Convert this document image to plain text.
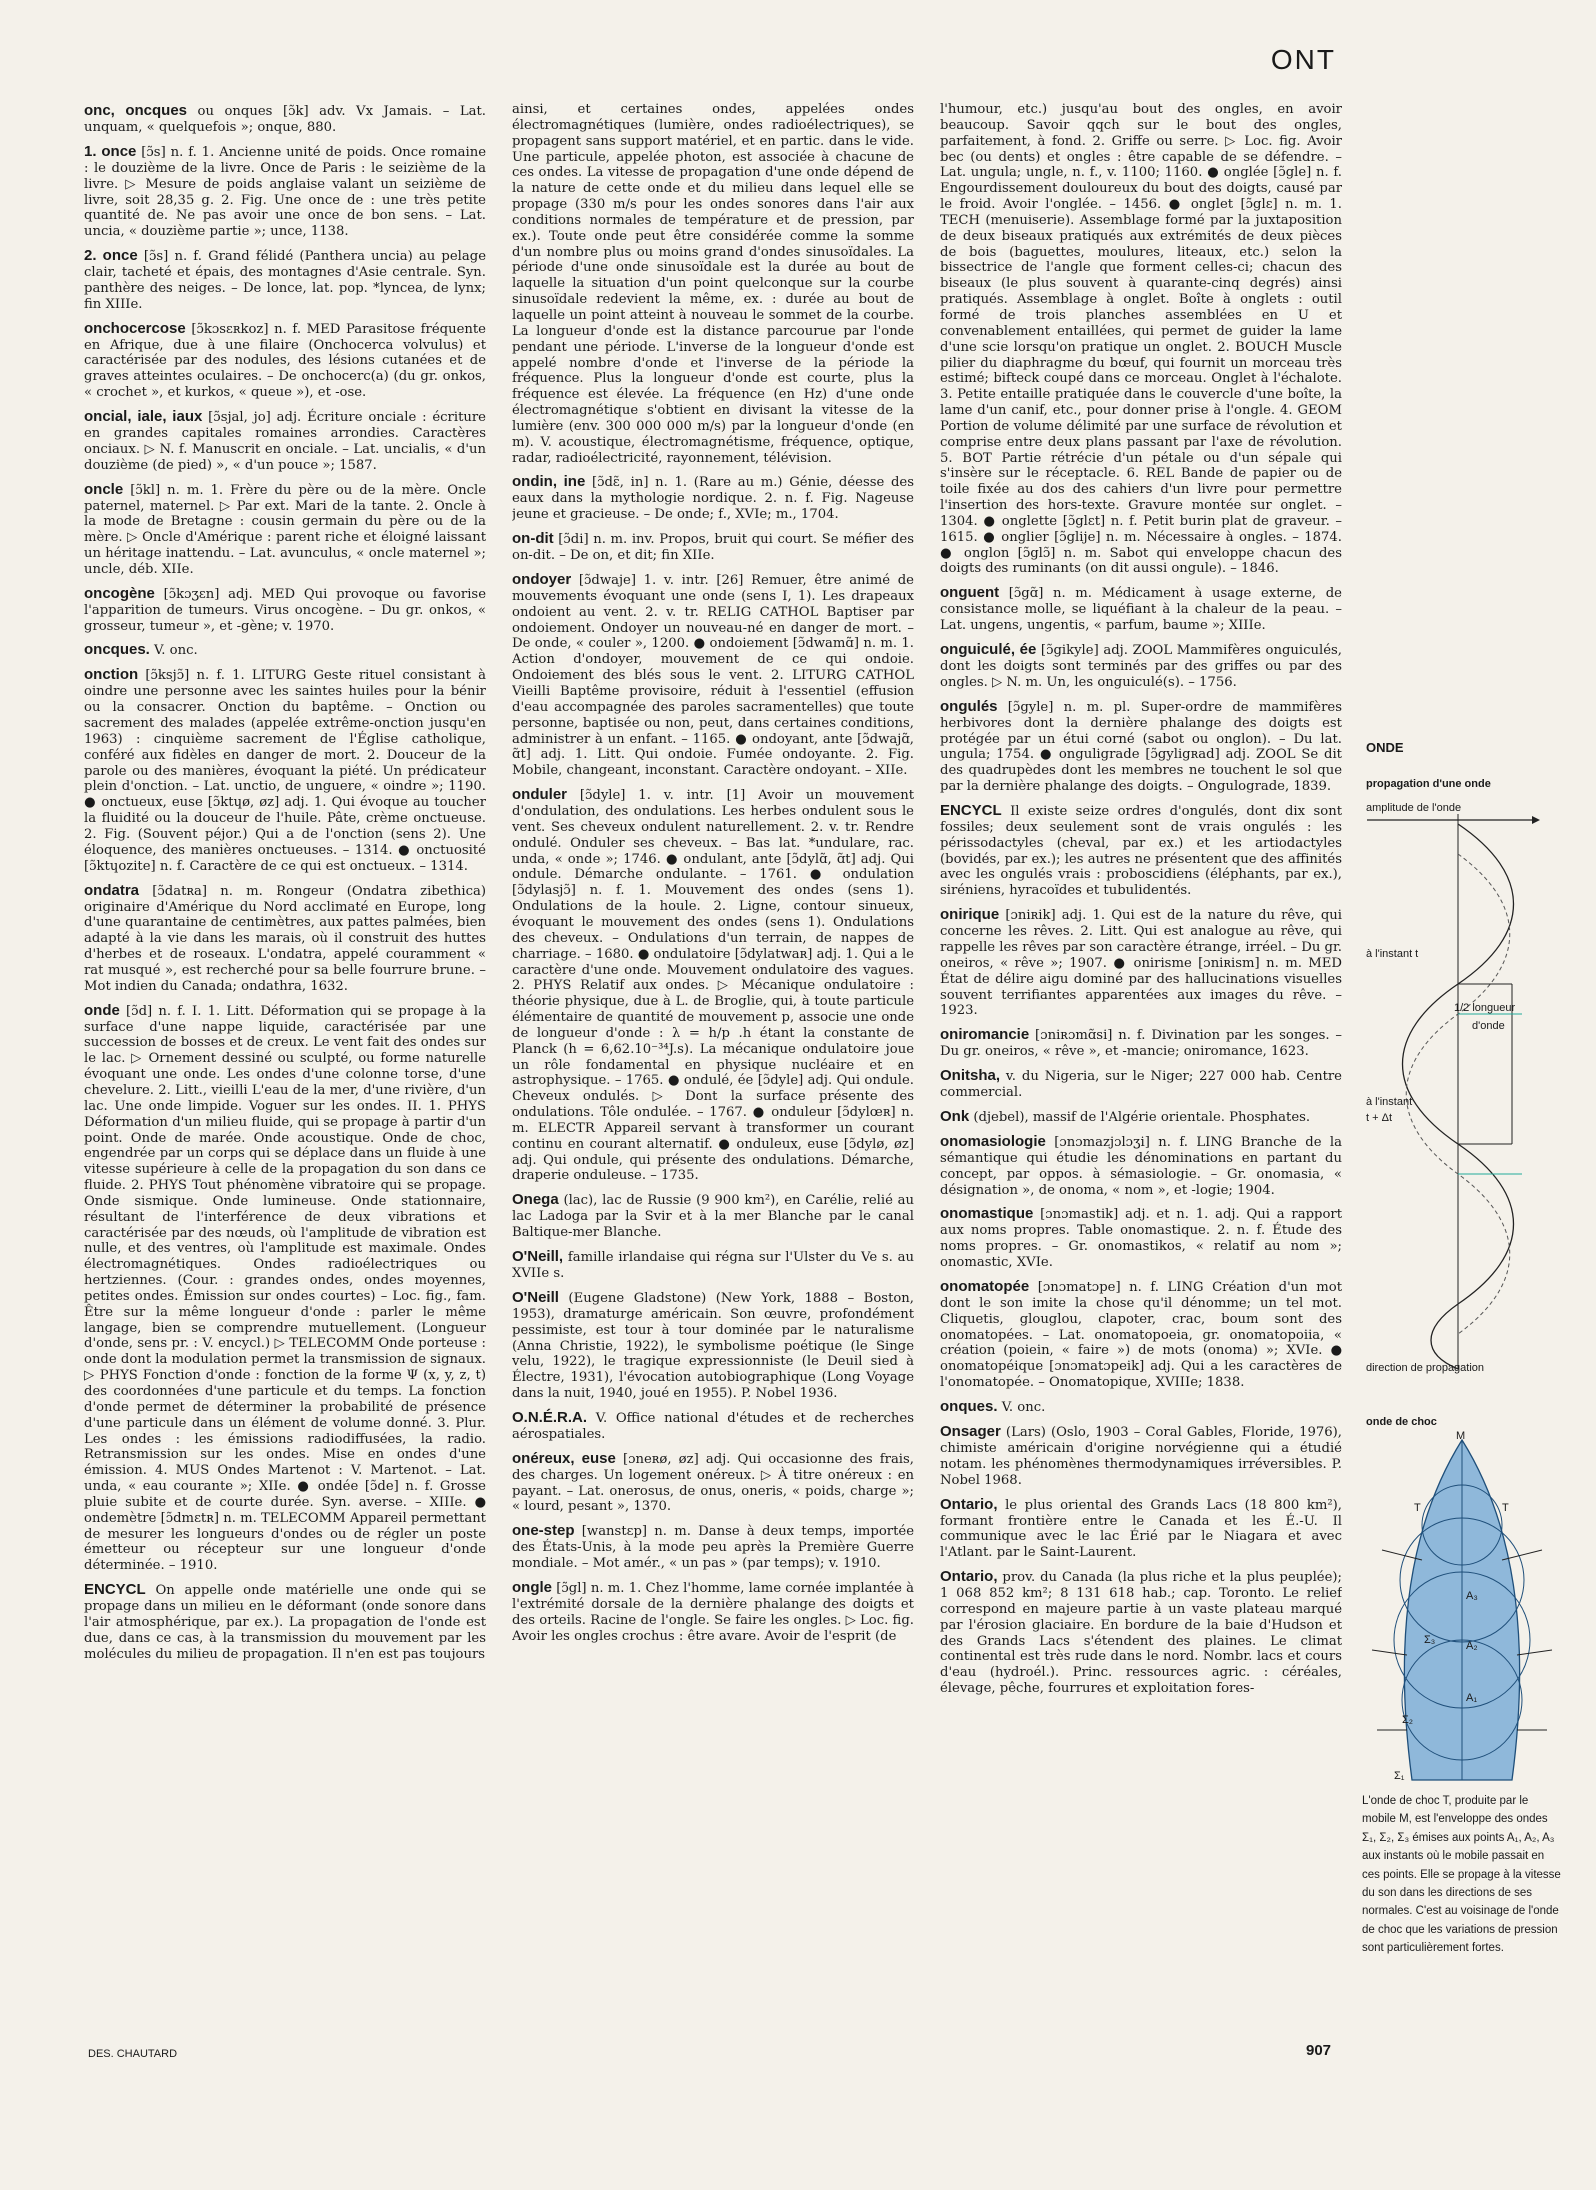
ONT

onc, oncques ou onques [ɔ̃k] adv. Vx Jamais. – Lat. unquam, « quelquefois »; onque, 880.

1. once [ɔ̃s] n. f. 1. Ancienne unité de poids. Once romaine : le douzième de la livre. Once de Paris : le seizième de la livre. ▷ Mesure de poids anglaise valant un seizième de livre, soit 28,35 g. 2. Fig. Une once de : une très petite quantité de. Ne pas avoir une once de bon sens. – Lat. uncia, « douzième partie »; unce, 1138.

2. once [ɔ̃s] n. f. Grand félidé (Panthera uncia) au pelage clair, tacheté et épais, des montagnes d'Asie centrale. Syn. panthère des neiges. – De lonce, lat. pop. *lyncea, de lynx; fin XIIIe.

onchocercose [ɔ̃kɔsɛʀkoz] n. f. MED Parasitose fréquente en Afrique, due à une filaire (Onchocerca volvulus) et caractérisée par des nodules, des lésions cutanées et de graves atteintes oculaires. – De onchocerc(a) (du gr. onkos, « crochet », et kurkos, « queue »), et -ose.

oncial, iale, iaux [ɔ̃sjal, jo] adj. Écriture onciale : écriture en grandes capitales romaines arrondies. Caractères onciaux. ▷ N. f. Manuscrit en onciale. – Lat. uncialis, « d'un douzième (de pied) », « d'un pouce »; 1587.

oncle [ɔ̃kl] n. m. 1. Frère du père ou de la mère. Oncle paternel, maternel. ▷ Par ext. Mari de la tante. 2. Oncle à la mode de Bretagne : cousin germain du père ou de la mère. ▷ Oncle d'Amérique : parent riche et éloigné laissant un héritage inattendu. – Lat. avunculus, « oncle maternel »; uncle, déb. XIIe.

oncogène [ɔ̃kɔʒɛn] adj. MED Qui provoque ou favorise l'apparition de tumeurs. Virus oncogène. – Du gr. onkos, « grosseur, tumeur », et -gène; v. 1970.

oncques. V. onc.

onction [ɔ̃ksjɔ̃] n. f. 1. LITURG Geste rituel consistant à oindre une personne avec les saintes huiles pour la bénir ou la consacrer. Onction du baptême. – Onction ou sacrement des malades (appelée extrême-onction jusqu'en 1963) : cinquième sacrement de l'Église catholique, conféré aux fidèles en danger de mort. 2. Douceur de la parole ou des manières, évoquant la piété. Un prédicateur plein d'onction. – Lat. unctio, de unguere, « oindre »; 1190. ● onctueux, euse [ɔ̃ktɥø, øz] adj. 1. Qui évoque au toucher la fluidité ou la douceur de l'huile. Pâte, crème onctueuse. 2. Fig. (Souvent péjor.) Qui a de l'onction (sens 2). Une éloquence, des manières onctueuses. – 1314. ● onctuosité [ɔ̃ktɥozite] n. f. Caractère de ce qui est onctueux. – 1314.

ondatra [ɔ̃datʀa] n. m. Rongeur (Ondatra zibethica) originaire d'Amérique du Nord acclimaté en Europe, long d'une quarantaine de centimètres, aux pattes palmées, bien adapté à la vie dans les marais, où il construit des huttes d'herbes et de roseaux. L'ondatra, appelé couramment « rat musqué », est recherché pour sa belle fourrure brune. – Mot indien du Canada; ondathra, 1632.

onde [ɔ̃d] n. f. I. 1. Litt. Déformation qui se propage à la surface d'une nappe liquide, caractérisée par une succession de bosses et de creux. Le vent fait des ondes sur le lac. ▷ Ornement dessiné ou sculpté, ou forme naturelle évoquant une onde. Les ondes d'une colonne torse, d'une chevelure. 2. Litt., vieilli L'eau de la mer, d'une rivière, d'un lac. Une onde limpide. Voguer sur les ondes. II. 1. PHYS Déformation d'un milieu fluide, qui se propage à partir d'un point. Onde de marée. Onde acoustique. Onde de choc, engendrée par un corps qui se déplace dans un fluide à une vitesse supérieure à celle de la propagation du son dans ce fluide. 2. PHYS Tout phénomène vibratoire qui se propage. Onde sismique. Onde lumineuse. Onde stationnaire, résultant de l'interférence de deux vibrations et caractérisée par des nœuds, où l'amplitude de vibration est nulle, et des ventres, où l'amplitude est maximale. Ondes électromagnétiques. Ondes radioélectriques ou hertziennes. (Cour. : grandes ondes, ondes moyennes, petites ondes. Émission sur ondes courtes) – Loc. fig., fam. Être sur la même longueur d'onde : parler le même langage, bien se comprendre mutuellement. (Longueur d'onde, sens pr. : V. encycl.) ▷ TELECOMM Onde porteuse : onde dont la modulation permet la transmission de signaux. ▷ PHYS Fonction d'onde : fonction de la forme Ψ (x, y, z, t) des coordonnées d'une particule et du temps. La fonction d'onde permet de déterminer la probabilité de présence d'une particule dans un élément de volume donné. 3. Plur. Les ondes : les émissions radiodiffusées, la radio. Retransmission sur les ondes. Mise en ondes d'une émission. 4. MUS Ondes Martenot : V. Martenot. – Lat. unda, « eau courante »; XIIe. ● ondée [ɔ̃de] n. f. Grosse pluie subite et de courte durée. Syn. averse. – XIIIe. ● ondemètre [ɔ̃dmɛtʀ] n. m. TELECOMM Appareil permettant de mesurer les longueurs d'ondes ou de régler un poste émetteur ou récepteur sur une longueur d'onde déterminée. – 1910.

ENCYCL On appelle onde matérielle une onde qui se propage dans un milieu en le déformant (onde sonore dans l'air atmosphérique, par ex.). La propagation de l'onde est due, dans ce cas, à la transmission du mouvement par les molécules du milieu de propagation. Il n'en est pas toujours

ainsi, et certaines ondes, appelées ondes électromagnétiques (lumière, ondes radioélectriques), se propagent sans support matériel, et en partic. dans le vide. Une particule, appelée photon, est associée à chacune de ces ondes. La vitesse de propagation d'une onde dépend de la nature de cette onde et du milieu dans lequel elle se propage (330 m/s pour les ondes sonores dans l'air aux conditions normales de température et de pression, par ex.). Toute onde peut être considérée comme la somme d'un nombre plus ou moins grand d'ondes sinusoïdales. La période d'une onde sinusoïdale est la durée au bout de laquelle la situation d'un point quelconque sur la courbe sinusoïdale redevient la même, ex. : durée au bout de laquelle un point atteint à nouveau le sommet de la courbe. La longueur d'onde est la distance parcourue par l'onde pendant une période. L'inverse de la longueur d'onde est appelé nombre d'onde et l'inverse de la période la fréquence. Plus la longueur d'onde est courte, plus la fréquence est élevée. La fréquence (en Hz) d'une onde électromagnétique s'obtient en divisant la vitesse de la lumière (env. 300 000 000 m/s) par la longueur d'onde (en m). V. acoustique, électromagnétisme, fréquence, optique, radar, radioélectricité, rayonnement, télévision.

ondin, ine [ɔ̃dɛ̃, in] n. 1. (Rare au m.) Génie, déesse des eaux dans la mythologie nordique. 2. n. f. Fig. Nageuse jeune et gracieuse. – De onde; f., XVIe; m., 1704.

on-dit [ɔ̃di] n. m. inv. Propos, bruit qui court. Se méfier des on-dit. – De on, et dit; fin XIIe.

ondoyer [ɔ̃dwaje] 1. v. intr. [26] Remuer, être animé de mouvements évoquant une onde (sens I, 1). Les drapeaux ondoient au vent. 2. v. tr. RELIG CATHOL Baptiser par ondoiement. Ondoyer un nouveau-né en danger de mort. – De onde, « couler », 1200. ● ondoiement [ɔ̃dwamɑ̃] n. m. 1. Action d'ondoyer, mouvement de ce qui ondoie. Ondoiement des blés sous le vent. 2. LITURG CATHOL Vieilli Baptême provisoire, réduit à l'essentiel (effusion d'eau accompagnée des paroles sacramentelles) que toute personne, baptisée ou non, peut, dans certaines conditions, administrer à un enfant. – 1165. ● ondoyant, ante [ɔ̃dwajɑ̃, ɑ̃t] adj. 1. Litt. Qui ondoie. Fumée ondoyante. 2. Fig. Mobile, changeant, inconstant. Caractère ondoyant. – XIIe.

onduler [ɔ̃dyle] 1. v. intr. [1] Avoir un mouvement d'ondulation, des ondulations. Les herbes ondulent sous le vent. Ses cheveux ondulent naturellement. 2. v. tr. Rendre ondulé. Onduler ses cheveux. – Bas lat. *undulare, rac. unda, « onde »; 1746. ● ondulant, ante [ɔ̃dylɑ̃, ɑ̃t] adj. Qui ondule. Démarche ondulante. – 1761. ● ondulation [ɔ̃dylasjɔ̃] n. f. 1. Mouvement des ondes (sens 1). Ondulations de la houle. 2. Ligne, contour sinueux, évoquant le mouvement des ondes (sens 1). Ondulations des cheveux. – Ondulations d'un terrain, de nappes de charriage. – 1680. ● ondulatoire [ɔ̃dylatwaʀ] adj. 1. Qui a le caractère d'une onde. Mouvement ondulatoire des vagues. 2. PHYS Relatif aux ondes. ▷ Mécanique ondulatoire : théorie physique, due à L. de Broglie, qui, à toute particule élémentaire de quantité de mouvement p, associe une onde de longueur d'onde : λ = h/p .h étant la constante de Planck (h = 6,62.10⁻³⁴J.s). La mécanique ondulatoire joue un rôle fondamental en physique nucléaire et en astrophysique. – 1765. ● ondulé, ée [ɔ̃dyle] adj. Qui ondule. Cheveux ondulés. ▷ Dont la surface présente des ondulations. Tôle ondulée. – 1767. ● onduleur [ɔ̃dylœʀ] n. m. ELECTR Appareil servant à transformer un courant continu en courant alternatif. ● onduleux, euse [ɔ̃dylø, øz] adj. Qui ondule, qui présente des ondulations. Démarche, draperie onduleuse. – 1735.

Onega (lac), lac de Russie (9 900 km²), en Carélie, relié au lac Ladoga par la Svir et à la mer Blanche par le canal Baltique-mer Blanche.

O'Neill, famille irlandaise qui régna sur l'Ulster du Ve s. au XVIIe s.

O'Neill (Eugene Gladstone) (New York, 1888 – Boston, 1953), dramaturge américain. Son œuvre, profondément pessimiste, est tour à tour dominée par le naturalisme (Anna Christie, 1922), le symbolisme poétique (le Singe velu, 1922), le tragique expressionniste (le Deuil sied à Électre, 1931), l'évocation autobiographique (Long Voyage dans la nuit, 1940, joué en 1955). P. Nobel 1936.

O.N.É.R.A. V. Office national d'études et de recherches aérospatiales.

onéreux, euse [ɔneʀø, øz] adj. Qui occasionne des frais, des charges. Un logement onéreux. ▷ À titre onéreux : en payant. – Lat. onerosus, de onus, oneris, « poids, charge »; « lourd, pesant », 1370.

one-step [wanstɛp] n. m. Danse à deux temps, importée des États-Unis, à la mode peu après la Première Guerre mondiale. – Mot amér., « un pas » (par temps); v. 1910.

ongle [ɔ̃gl] n. m. 1. Chez l'homme, lame cornée implantée à l'extrémité dorsale de la dernière phalange des doigts et des orteils. Racine de l'ongle. Se faire les ongles. ▷ Loc. fig. Avoir les ongles crochus : être avare. Avoir de l'esprit (de

l'humour, etc.) jusqu'au bout des ongles, en avoir beaucoup. Savoir qqch sur le bout des ongles, parfaitement, à fond. 2. Griffe ou serre. ▷ Loc. fig. Avoir bec (ou dents) et ongles : être capable de se défendre. – Lat. ungula; ungle, n. f., v. 1100; 1160. ● onglée [ɔ̃gle] n. f. Engourdissement douloureux du bout des doigts, causé par le froid. Avoir l'onglée. – 1456. ● onglet [ɔ̃glɛ] n. m. 1. TECH (menuiserie). Assemblage formé par la juxtaposition de deux biseaux pratiqués aux extrémités de deux pièces de bois (baguettes, moulures, liteaux, etc.) selon la bissectrice de l'angle que forment celles-ci; chacun des biseaux (le plus souvent à quarante-cinq degrés) ainsi pratiqués. Assemblage à onglet. Boîte à onglets : outil formé de trois planches assemblées en U et convenablement entaillées, qui permet de guider la lame d'une scie lorsqu'on pratique un onglet. 2. BOUCH Muscle pilier du diaphragme du bœuf, qui fournit un morceau très estimé; bifteck coupé dans ce morceau. Onglet à l'échalote. 3. Petite entaille pratiquée dans le couvercle d'une boîte, la lame d'un canif, etc., pour donner prise à l'ongle. 4. GEOM Portion de volume délimité par une surface de révolution et comprise entre deux plans passant par l'axe de révolution. 5. BOT Partie rétrécie d'un pétale ou d'un sépale qui s'insère sur le réceptacle. 6. REL Bande de papier ou de toile fixée au dos des cahiers d'un livre pour permettre l'insertion des hors-texte. Gravure montée sur onglet. – 1304. ● onglette [ɔ̃glɛt] n. f. Petit burin plat de graveur. – 1615. ● onglier [ɔ̃glije] n. m. Nécessaire à ongles. – 1874. ● onglon [ɔ̃glɔ̃] n. m. Sabot qui enveloppe chacun des doigts des ruminants (on dit aussi ongule). – 1846.

onguent [ɔ̃gɑ̃] n. m. Médicament à usage externe, de consistance molle, se liquéfiant à la chaleur de la peau. – Lat. ungens, ungentis, « parfum, baume »; XIIIe.

onguiculé, ée [ɔ̃gikyle] adj. ZOOL Mammifères onguiculés, dont les doigts sont terminés par des griffes ou par des ongles. ▷ N. m. Un, les onguiculé(s). – 1756.

ongulés [ɔ̃gyle] n. m. pl. Super-ordre de mammifères herbivores dont la dernière phalange des doigts est protégée par un étui corné (sabot ou onglon). – Du lat. ungula; 1754. ● onguligrade [ɔ̃gyligʀad] adj. ZOOL Se dit des quadrupèdes dont les membres ne touchent le sol que par la dernière phalange des doigts. – Ongulograde, 1839.

ENCYCL Il existe seize ordres d'ongulés, dont dix sont fossiles; deux seulement sont de vrais ongulés : les périssodactyles (cheval, par ex.) et les artiodactyles (bovidés, par ex.); les autres ne présentent que des affinités avec les ongulés vrais : proboscidiens (éléphants, par ex.), siréniens, hyracoïdes et tubulidentés.

onirique [ɔniʀik] adj. 1. Qui est de la nature du rêve, qui concerne les rêves. 2. Litt. Qui est analogue au rêve, qui rappelle les rêves par son caractère étrange, irréel. – Du gr. oneiros, « rêve »; 1907. ● onirisme [ɔniʀism] n. m. MED État de délire aigu dominé par des hallucinations visuelles souvent terrifiantes apparentées aux images du rêve. – 1923.

oniromancie [ɔniʀɔmɑ̃si] n. f. Divination par les songes. – Du gr. oneiros, « rêve », et -mancie; oniromance, 1623.

Onitsha, v. du Nigeria, sur le Niger; 227 000 hab. Centre commercial.

Onk (djebel), massif de l'Algérie orientale. Phosphates.

onomasiologie [ɔnɔmazjɔlɔʒi] n. f. LING Branche de la sémantique qui étudie les dénominations en partant du concept, par oppos. à sémasiologie. – Gr. onomasia, « désignation », de onoma, « nom », et -logie; 1904.

onomastique [ɔnɔmastik] adj. et n. 1. adj. Qui a rapport aux noms propres. Table onomastique. 2. n. f. Étude des noms propres. – Gr. onomastikos, « relatif au nom »; onomastic, XVIe.

onomatopée [ɔnɔmatɔpe] n. f. LING Création d'un mot dont le son imite la chose qu'il dénomme; un tel mot. Cliquetis, glouglou, clapoter, crac, boum sont des onomatopées. – Lat. onomatopoeia, gr. onomatopoiia, « création (poiein, « faire ») de mots (onoma) »; XVIe. ● onomatopéique [ɔnɔmatɔpeik] adj. Qui a les caractères de l'onomatopée. – Onomatopique, XVIIIe; 1838.

onques. V. onc.

Onsager (Lars) (Oslo, 1903 – Coral Gables, Floride, 1976), chimiste américain d'origine norvégienne qui a étudié notam. les phénomènes thermodynamiques irréversibles. P. Nobel 1968.

Ontario, le plus oriental des Grands Lacs (18 800 km²), formant frontière entre le Canada et les É.-U. Il communique avec le lac Érié par le Niagara et avec l'Atlant. par le Saint-Laurent.

Ontario, prov. du Canada (la plus riche et la plus peuplée); 1 068 852 km²; 8 131 618 hab.; cap. Toronto. Le relief correspond en majeure partie à un vaste plateau marqué par l'érosion glaciaire. En bordure de la baie d'Hudson et des Grands Lacs s'étendent des plaines. Le climat continental est très rude dans le nord. Nombr. lacs et cours d'eau (hydroél.). Princ. ressources agric. : céréales, élevage, pêche, fourrures et exploitation fores-

ONDE
propagation d'une onde
amplitude de l'onde
à l'instant t
1/2 longueur
d'onde
à l'instant
t + Δt
direction de propagation
onde de choc
M
T	T
A₃
A₂
A₁
Σ₃
Σ₂
Σ₁
L'onde de choc T, produite par le mobile M, est l'enveloppe des ondes Σ₁, Σ₂, Σ₃ émises aux points A₁, A₂, A₃ aux instants où le mobile passait en ces points. Elle se propage à la vitesse du son dans les directions de ses normales. C'est au voisinage de l'onde de choc que les variations de pression sont particulièrement fortes.
DES. CHAUTARD	907
